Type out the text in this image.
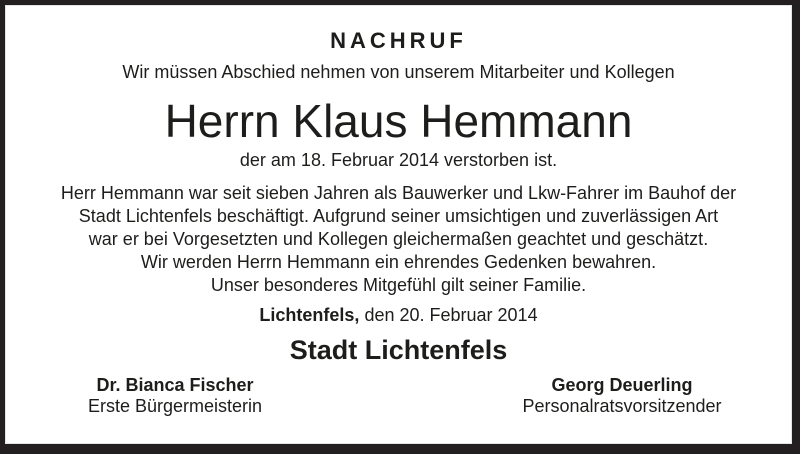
NACHRUF
Wir müssen Abschied nehmen von unserem Mitarbeiter und Kollegen
Herrn Klaus Hemmann
der am 18. Februar 2014 verstorben ist.
Herr Hemmann war seit sieben Jahren als Bauwerker und Lkw-Fahrer im Bauhof der
Stadt Lichtenfels beschäftigt. Aufgrund seiner umsichtigen und zuverlässigen Art
war er bei Vorgesetzten und Kollegen gleichermaßen geachtet und geschätzt.
Wir werden Herrn Hemmann ein ehrendes Gedenken bewahren.
Unser besonderes Mitgefühl gilt seiner Familie.
Lichtenfels, den 20. Februar 2014
Stadt Lichtenfels
Dr. Bianca Fischer
Erste Bürgermeisterin
Georg Deuerling
Personalratsvorsitzender
